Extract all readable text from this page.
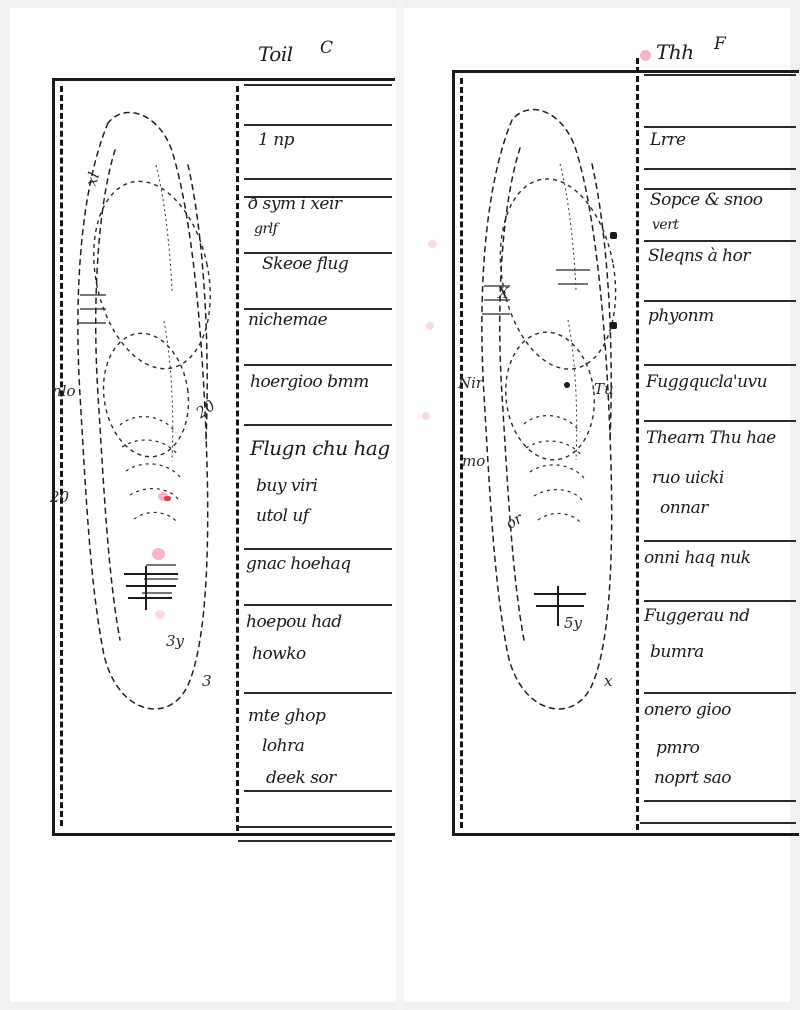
Toil C
1 np
ð sym i xeir
grlf
Skeoe flug
nichemae
hoergioo bmm
Flugn chu hag
buy viri
utol uf
gnac hoehaq
hoepou had
howko
mte ghop
lohra
deek sor
xl
nlo
20
3y
3
20
Thh F
Lrre
Sopce & snoo
vert
Sleqns à hor
phyonm
Fuggqucla'uvu
Thearn Thu hae
ruo uicki
onnar
onni haq nuk
Fuggerau nd
bumra
onero gioo
pmro
noprt sao
X
Nir
mo
or
Tu
5y
x
